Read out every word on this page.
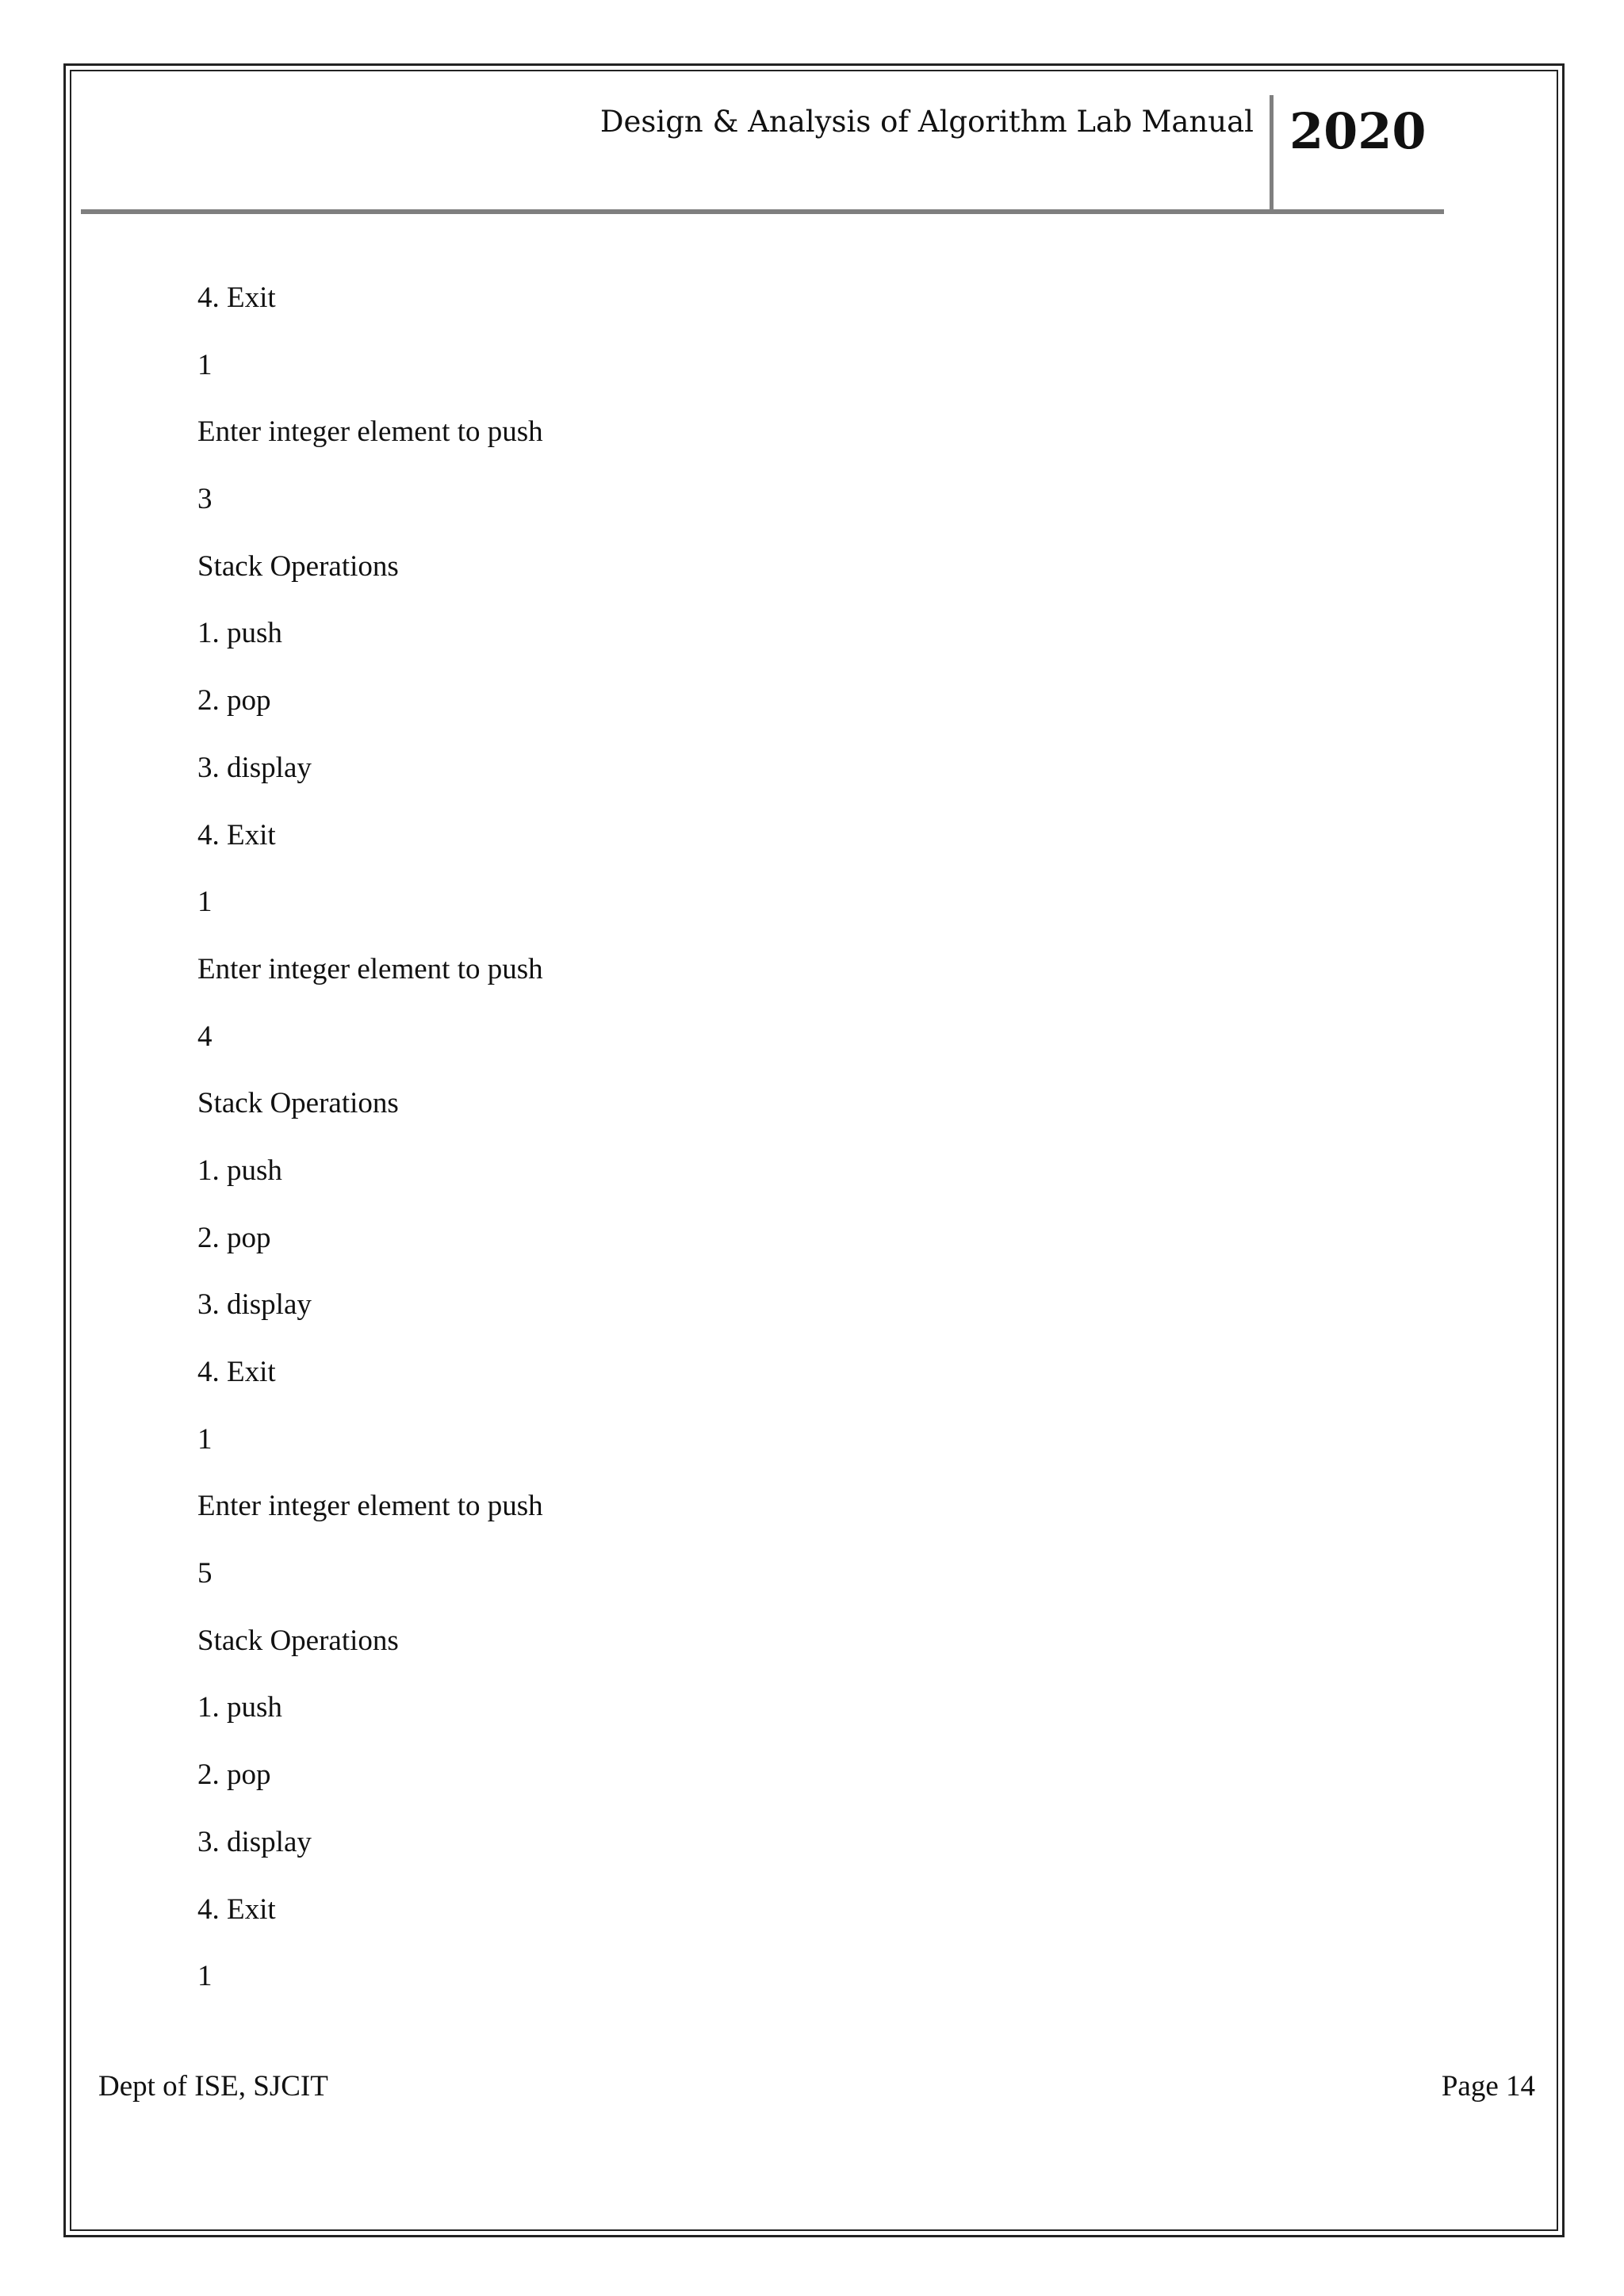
Design & Analysis of Algorithm Lab Manual 2020
4. Exit
1
Enter integer element to push
3
Stack Operations
1. push
2. pop
3. display
4. Exit
1
Enter integer element to push
4
Stack Operations
1. push
2. pop
3. display
4. Exit
1
Enter integer element to push
5
Stack Operations
1. push
2. pop
3. display
4. Exit
1
Dept of ISE, SJCIT	Page 14
